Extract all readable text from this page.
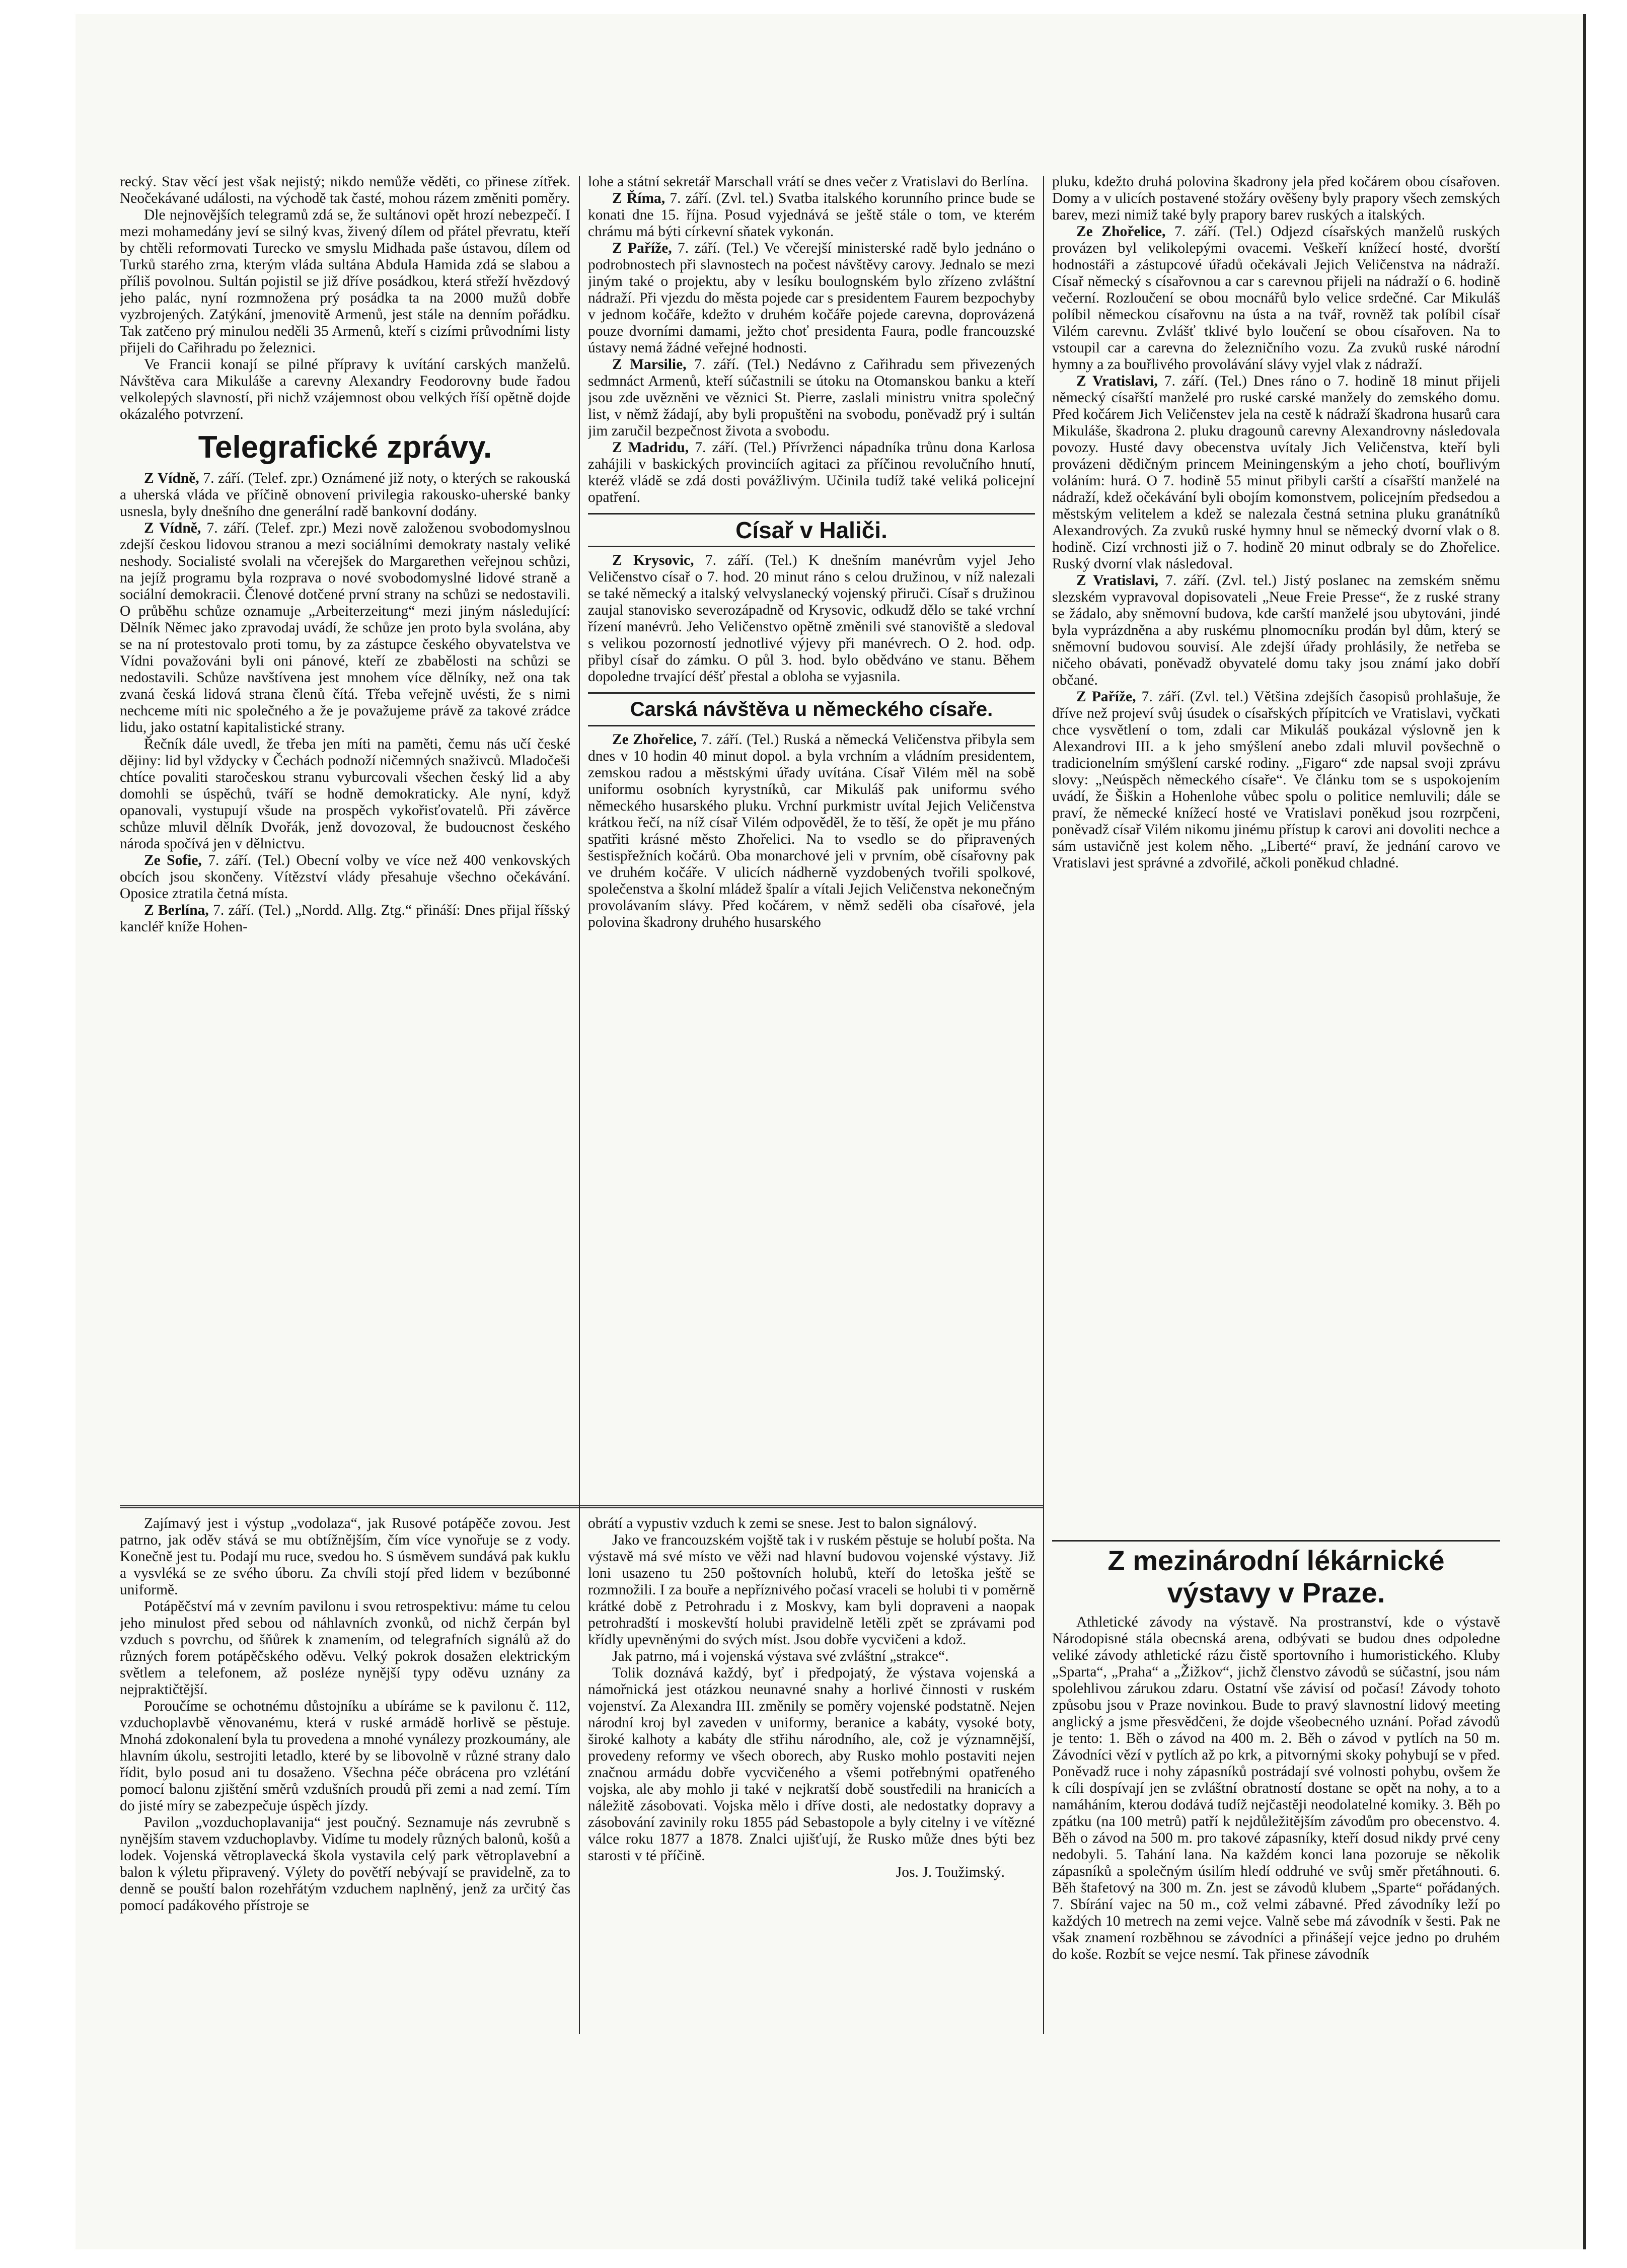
recký. Stav věcí jest však nejistý; nikdo nemůže věděti, co přinese zítřek. Neočekávané události, na východě tak časté, mohou rázem změniti poměry.

Dle nejnovějších telegramů zdá se, že sultánovi opět hrozí nebezpečí. I mezi mohamedány jeví se silný kvas, živený dílem od přátel převratu, kteří by chtěli reformovati Turecko ve smyslu Midhada paše ústavou, dílem od Turků starého zrna, kterým vláda sultána Abdula Hamida zdá se slabou a příliš povolnou. Sultán pojistil se již dříve posádkou, která střeží hvězdový jeho palác, nyní rozmnožena prý posádka ta na 2000 mužů dobře vyzbrojených. Zatýkání, jmenovitě Armenů, jest stále na denním pořádku. Tak zatčeno prý minulou neděli 35 Armenů, kteří s cizími průvodními listy přijeli do Cařihradu po železnici.

Ve Francii konají se pilné přípravy k uvítání carských manželů. Návštěva cara Mikuláše a carevny Alexandry Feodorovny bude řadou velkolepých slavností, při nichž vzájemnost obou velkých říší opětně dojde okázalého potvrzení.

Telegrafické zprávy.

Z Vídně, 7. září. (Telef. zpr.) Oznámené již noty, o kterých se rakouská a uherská vláda ve příčině obnovení privilegia rakousko-uherské banky usnesla, byly dnešního dne generální radě bankovní dodány.

Z Vídně, 7. září. (Telef. zpr.) Mezi nově založenou svobodomyslnou zdejší českou lidovou stranou a mezi sociálními demokraty nastaly veliké neshody. Socialisté svolali na včerejšek do Margarethen veřejnou schůzi, na jejíž programu byla rozprava o nové svobodomyslné lidové straně a sociální demokracii. Členové dotčené první strany na schůzi se nedostavili. O průběhu schůze oznamuje „Arbeiterzeitung“ mezi jiným následující: Dělník Němec jako zpravodaj uvádí, že schůze jen proto byla svolána, aby se na ní protestovalo proti tomu, by za zástupce českého obyvatelstva ve Vídni považováni byli oni pánové, kteří ze zbabělosti na schůzi se nedostavili. Schůze navštívena jest mnohem více dělníky, než ona tak zvaná česká lidová strana členů čítá. Třeba veřejně uvésti, že s nimi nechceme míti nic společného a že je považujeme právě za takové zrádce lidu, jako ostatní kapitalistické strany.

Řečník dále uvedl, že třeba jen míti na paměti, čemu nás učí české dějiny: lid byl vždycky v Čechách podnoží ničemných snaživců. Mladočeši chtíce povaliti staročeskou stranu vyburcovali všechen český lid a aby domohli se úspěchů, tváří se hodně demokraticky. Ale nyní, když opanovali, vystupují všude na prospěch vykořisťovatelů. Při závěrce schůze mluvil dělník Dvořák, jenž dovozoval, že budoucnost českého národa spočívá jen v dělnictvu.

Ze Sofie, 7. září. (Tel.) Obecní volby ve více než 400 venkovských obcích jsou skončeny. Vítězství vlády přesahuje všechno očekávání. Oposice ztratila četná místa.

Z Berlína, 7. září. (Tel.) „Nordd. Allg. Ztg.“ přináší: Dnes přijal říšský kancléř kníže Hohen-

lohe a státní sekretář Marschall vrátí se dnes večer z Vratislavi do Berlína.

Z Říma, 7. září. (Zvl. tel.) Svatba italského korunního prince bude se konati dne 15. října. Posud vyjednává se ještě stále o tom, ve kterém chrámu má býti církevní sňatek vykonán.

Z Paříže, 7. září. (Tel.) Ve včerejší ministerské radě bylo jednáno o podrobnostech při slavnostech na počest návštěvy carovy. Jednalo se mezi jiným také o projektu, aby v lesíku boulognském bylo zřízeno zvláštní nádraží. Při vjezdu do města pojede car s presidentem Faurem bezpochyby v jednom kočáře, kdežto v druhém kočáře pojede carevna, doprovázená pouze dvorními damami, ježto choť presidenta Faura, podle francouzské ústavy nemá žádné veřejné hodnosti.

Z Marsilie, 7. září. (Tel.) Nedávno z Cařihradu sem přivezených sedmnáct Armenů, kteří súčastnili se útoku na Otomanskou banku a kteří jsou zde uvězněni ve věznici St. Pierre, zaslali ministru vnitra společný list, v němž žádají, aby byli propuštěni na svobodu, poněvadž prý i sultán jim zaručil bezpečnost života a svobodu.

Z Madridu, 7. září. (Tel.) Přívrženci nápadníka trůnu dona Karlosa zahájili v baskických provinciích agitaci za příčinou revolučního hnutí, kteréž vládě se zdá dosti povážlivým. Učinila tudíž také veliká policejní opatření.

Císař v Haliči.

Z Krysovic, 7. září. (Tel.) K dnešním manévrům vyjel Jeho Veličenstvo císař o 7. hod. 20 minut ráno s celou družinou, v níž nalezali se také německý a italský velvyslanecký vojenský přiruči. Císař s družinou zaujal stanovisko severozápadně od Krysovic, odkudž dělo se také vrchní řízení manévrů. Jeho Veličenstvo opětně změnili své stanoviště a sledoval s velikou pozorností jednotlivé výjevy při manévrech. O 2. hod. odp. přibyl císař do zámku. O půl 3. hod. bylo obědváno ve stanu. Během dopoledne trvající déšť přestal a obloha se vyjasnila.

Carská návštěva u německého císaře.

Ze Zhořelice, 7. září. (Tel.) Ruská a německá Veličenstva přibyla sem dnes v 10 hodin 40 minut dopol. a byla vrchním a vládním presidentem, zemskou radou a městskými úřady uvítána. Císař Vilém měl na sobě uniformu osobních kyrystníků, car Mikuláš pak uniformu svého německého husarského pluku. Vrchní purkmistr uvítal Jejich Veličenstva krátkou řečí, na níž císař Vilém odpověděl, že to těší, že opět je mu přáno spatřiti krásné město Zhořelici. Na to vsedlo se do připravených šestispřežních kočárů. Oba monarchové jeli v prvním, obě císařovny pak ve druhém kočáře. V ulicích nádherně vyzdobených tvořili spolkové, společenstva a školní mládež špalír a vítali Jejich Veličenstva nekonečným provolávaním slávy. Před kočárem, v němž seděli oba císařové, jela polovina škadrony druhého husarského

pluku, kdežto druhá polovina škadrony jela před kočárem obou císařoven. Domy a v ulicích postavené stožáry ověšeny byly prapory všech zemských barev, mezi nimiž také byly prapory barev ruských a italských.

Ze Zhořelice, 7. září. (Tel.) Odjezd císařských manželů ruských provázen byl velikolepými ovacemi. Veškeří knížecí hosté, dvorští hodnostáři a zástupcové úřadů očekávali Jejich Veličenstva na nádraží. Císař německý s císařovnou a car s carevnou přijeli na nádraží o 6. hodině večerní. Rozloučení se obou mocnářů bylo velice srdečné. Car Mikuláš políbil německou císařovnu na ústa a na tvář, rovněž tak políbil císař Vilém carevnu. Zvlášť tklivé bylo loučení se obou císařoven. Na to vstoupil car a carevna do železničního vozu. Za zvuků ruské národní hymny a za bouřlivého provolávání slávy vyjel vlak z nádraží.

Z Vratislavi, 7. září. (Tel.) Dnes ráno o 7. hodině 18 minut přijeli německý císařští manželé pro ruské carské manžely do zemského domu. Před kočárem Jich Veličenstev jela na cestě k nádraží škadrona husarů cara Mikuláše, škadrona 2. pluku dragounů carevny Alexandrovny následovala povozy. Husté davy obecenstva uvítaly Jich Veličenstva, kteří byli provázeni dědičným princem Meiningenským a jeho chotí, bouřlivým voláním: hurá. O 7. hodině 55 minut přibyli carští a císařští manželé na nádraží, kdež očekávání byli obojím komonstvem, policejním předsedou a městským velitelem a kdež se nalezala čestná setnina pluku granátníků Alexandrových. Za zvuků ruské hymny hnul se německý dvorní vlak o 8. hodině. Cizí vrchnosti již o 7. hodině 20 minut odbraly se do Zhořelice. Ruský dvorní vlak následoval.

Z Vratislavi, 7. září. (Zvl. tel.) Jistý poslanec na zemském sněmu slezském vypravoval dopisovateli „Neue Freie Presse“, že z ruské strany se žádalo, aby sněmovní budova, kde carští manželé jsou ubytováni, jindé byla vyprázdněna a aby ruskému plnomocníku prodán byl dům, který se sněmovní budovou souvisí. Ale zdejší úřady prohlásily, že netřeba se ničeho obávati, poněvadž obyvatelé domu taky jsou známí jako dobří občané.

Z Paříže, 7. září. (Zvl. tel.) Většina zdejších časopisů prohlašuje, že dříve než projeví svůj úsudek o císařských přípitcích ve Vratislavi, vyčkati chce vysvětlení o tom, zdali car Mikuláš poukázal výslovně jen k Alexandrovi III. a k jeho smýšlení anebo zdali mluvil povšechně o tradicionelním smýšlení carské rodiny. „Figaro“ zde napsal svoji zprávu slovy: „Neúspěch německého císaře“. Ve článku tom se s uspokojením uvádí, že Šiškin a Hohenlohe vůbec spolu o politice nemluvili; dále se praví, že německé knížecí hosté ve Vratislavi poněkud jsou rozrpčeni, poněvadž císař Vilém nikomu jinému přístup k carovi ani dovoliti nechce a sám ustavičně jest kolem něho. „Liberté“ praví, že jednání carovo ve Vratislavi jest správné a zdvořilé, ačkoli poněkud chladné.

Z mezinárodní lékárnické výstavy v Praze.

Athletické závody na výstavě. Na prostranství, kde o výstavě Národopisné stála obecnská arena, odbývati se budou dnes odpoledne veliké závody athletické rázu čistě sportovního i humoristického. Kluby „Sparta“, „Praha“ a „Žižkov“, jichž členstvo závodů se súčastní, jsou nám spolehlivou zárukou zdaru. Ostatní vše závisí od počasí! Závody tohoto způsobu jsou v Praze novinkou. Bude to pravý slavnostní lidový meeting anglický a jsme přesvědčeni, že dojde všeobecného uznání. Pořad závodů je tento: 1. Běh o závod na 400 m. 2. Běh o závod v pytlích na 50 m. Závodníci vězí v pytlích až po krk, a pitvornými skoky pohybují se v před. Poněvadž ruce i nohy zápasníků postrádají své volnosti pohybu, ovšem že k cíli dospívají jen se zvláštní obratností dostane se opět na nohy, a to a namáháním, kterou dodává tudíž nejčastěji neodolatelné komiky. 3. Běh po zpátku (na 100 metrů) patří k nejdůležitějším závodům pro obecenstvo. 4. Běh o závod na 500 m. pro takové zápasníky, kteří dosud nikdy prvé ceny nedobyli. 5. Tahání lana. Na každém konci lana pozoruje se několik zápasníků a společným úsilím hledí oddruhé ve svůj směr přetáhnouti. 6. Běh štafetový na 300 m. Zn. jest se závodů klubem „Sparte“ pořádaných. 7. Sbírání vajec na 50 m., což velmi zábavné. Před závodníky leží po každých 10 metrech na zemi vejce. Valně sebe má závodník v šesti. Pak ne však znamení rozběhnou se závodníci a přinášejí vejce jedno po druhém do koše. Rozbít se vejce nesmí. Tak přinese závodník

Zajímavý jest i výstup „vodolaza“, jak Rusové potápěče zovou. Jest patrno, jak oděv stává se mu obtížnějším, čím více vynořuje se z vody. Konečně jest tu. Podají mu ruce, svedou ho. S úsměvem sundává pak kuklu a vysvléká se ze svého úboru. Za chvíli stojí před lidem v bezúbonné uniformě.

Potápěčství má v zevním pavilonu i svou retrospektivu: máme tu celou jeho minulost před sebou od náhlavních zvonků, od nichž čerpán byl vzduch s povrchu, od šňůrek k znamením, od telegrafních signálů až do různých forem potápěčského oděvu. Velký pokrok dosažen elektrickým světlem a telefonem, až posléze nynější typy oděvu uznány za nejpraktičtější.

Poroučíme se ochotnému důstojníku a ubíráme se k pavilonu č. 112, vzduchoplavbě věnovanému, která v ruské armádě horlivě se pěstuje. Mnohá zdokonalení byla tu provedena a mnohé vynálezy prozkoumány, ale hlavním úkolu, sestrojiti letadlo, které by se libovolně v různé strany dalo řídit, bylo posud ani tu dosaženo. Všechna péče obrácena pro vzlétání pomocí balonu zjištění směrů vzdušních proudů při zemi a nad zemí. Tím do jisté míry se zabezpečuje úspěch jízdy.

Pavilon „vozduchoplavanija“ jest poučný. Seznamuje nás zevrubně s nynějším stavem vzduchoplavby. Vidíme tu modely různých balonů, košů a lodek. Vojenská větroplavecká škola vystavila celý park větroplavební a balon k výletu připravený. Výlety do povětří nebývají se pravidelně, za to denně se pouští balon rozehřátým vzduchem naplněný, jenž za určitý čas pomocí padákového přístroje se

obrátí a vypustiv vzduch k zemi se snese. Jest to balon signálový.

Jako ve francouzském vojště tak i v ruském pěstuje se holubí pošta. Na výstavě má své místo ve věži nad hlavní budovou vojenské výstavy. Již loni usazeno tu 250 poštovních holubů, kteří do letoška ještě se rozmnožili. I za bouře a nepříznivého počasí vraceli se holubi ti v poměrně krátké době z Petrohradu i z Moskvy, kam byli dopraveni a naopak petrohradští i moskevští holubi pravidelně letěli zpět se zprávami pod křídly upevněnými do svých míst. Jsou dobře vycvičeni a kdož.

Jak patrno, má i vojenská výstava své zvláštní „strakce“.

Tolik doznává každý, byť i předpojatý, že výstava vojenská a námořnická jest otázkou neunavné snahy a horlivé činnosti v ruském vojenství. Za Alexandra III. změnily se poměry vojenské podstatně. Nejen národní kroj byl zaveden v uniformy, beranice a kabáty, vysoké boty, široké kalhoty a kabáty dle střihu národního, ale, což je významnější, provedeny reformy ve všech oborech, aby Rusko mohlo postaviti nejen značnou armádu dobře vycvičeného a všemi potřebnými opatřeného vojska, ale aby mohlo ji také v nejkratší době soustředili na hranicích a náležitě zásobovati. Vojska mělo i dříve dosti, ale nedostatky dopravy a zásobování zavinily roku 1855 pád Sebastopole a byly citelny i ve vítězné válce roku 1877 a 1878. Znalci ujišťují, že Rusko může dnes býti bez starosti v té příčině.

Jos. J. Toužimský.
